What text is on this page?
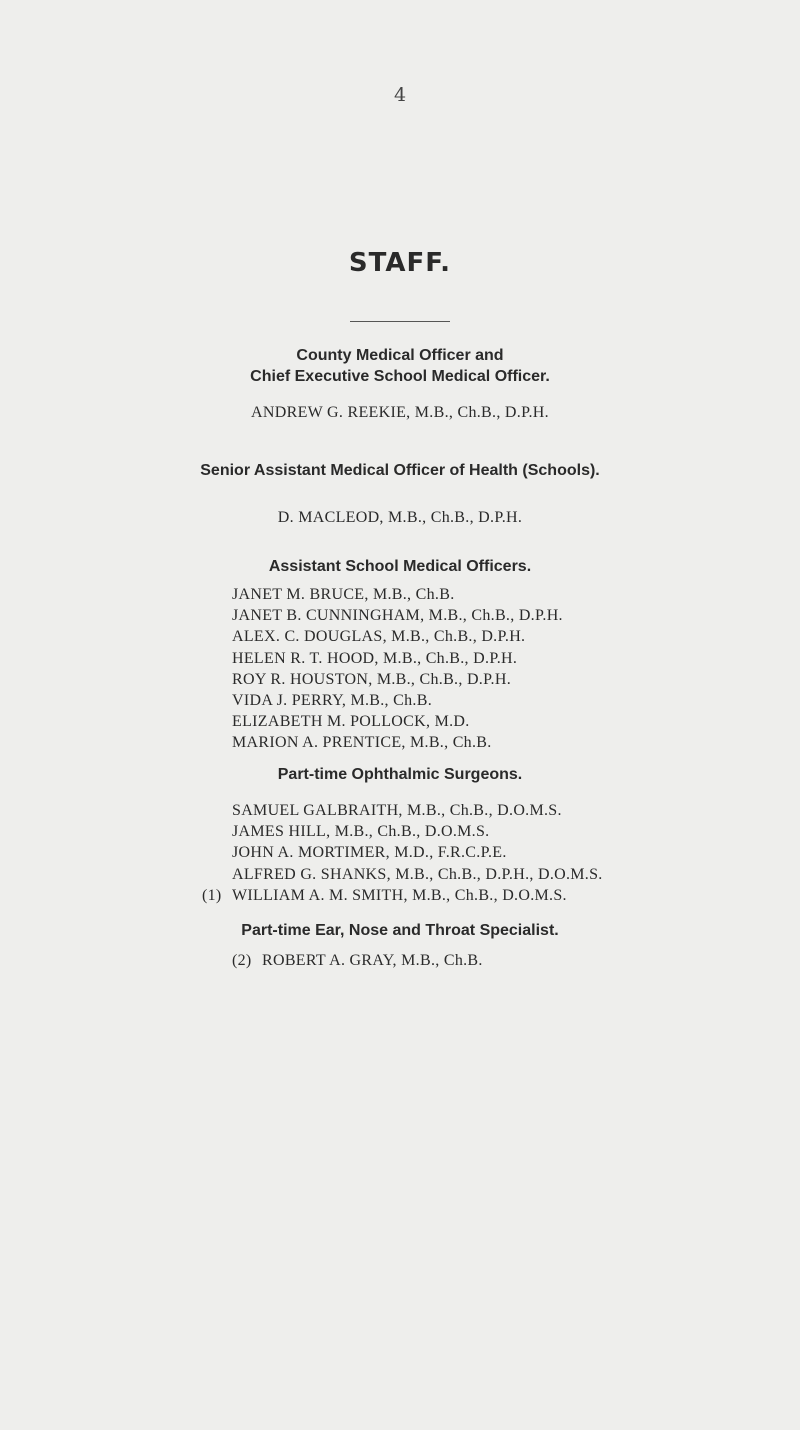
4
STAFF.
County Medical Officer and
Chief Executive School Medical Officer.
ANDREW G. REEKIE, M.B., Ch.B., D.P.H.
Senior Assistant Medical Officer of Health (Schools).
D. MACLEOD, M.B., Ch.B., D.P.H.
Assistant School Medical Officers.
JANET M. BRUCE, M.B., Ch.B.
JANET B. CUNNINGHAM, M.B., Ch.B., D.P.H.
ALEX. C. DOUGLAS, M.B., Ch.B., D.P.H.
HELEN R. T. HOOD, M.B., Ch.B., D.P.H.
ROY R. HOUSTON, M.B., Ch.B., D.P.H.
VIDA J. PERRY, M.B., Ch.B.
ELIZABETH M. POLLOCK, M.D.
MARION A. PRENTICE, M.B., Ch.B.
Part-time Ophthalmic Surgeons.
SAMUEL GALBRAITH, M.B., Ch.B., D.O.M.S.
JAMES HILL, M.B., Ch.B., D.O.M.S.
JOHN A. MORTIMER, M.D., F.R.C.P.E.
ALFRED G. SHANKS, M.B., Ch.B., D.P.H., D.O.M.S.
(1) WILLIAM A. M. SMITH, M.B., Ch.B., D.O.M.S.
Part-time Ear, Nose and Throat Specialist.
(2) ROBERT A. GRAY, M.B., Ch.B.
